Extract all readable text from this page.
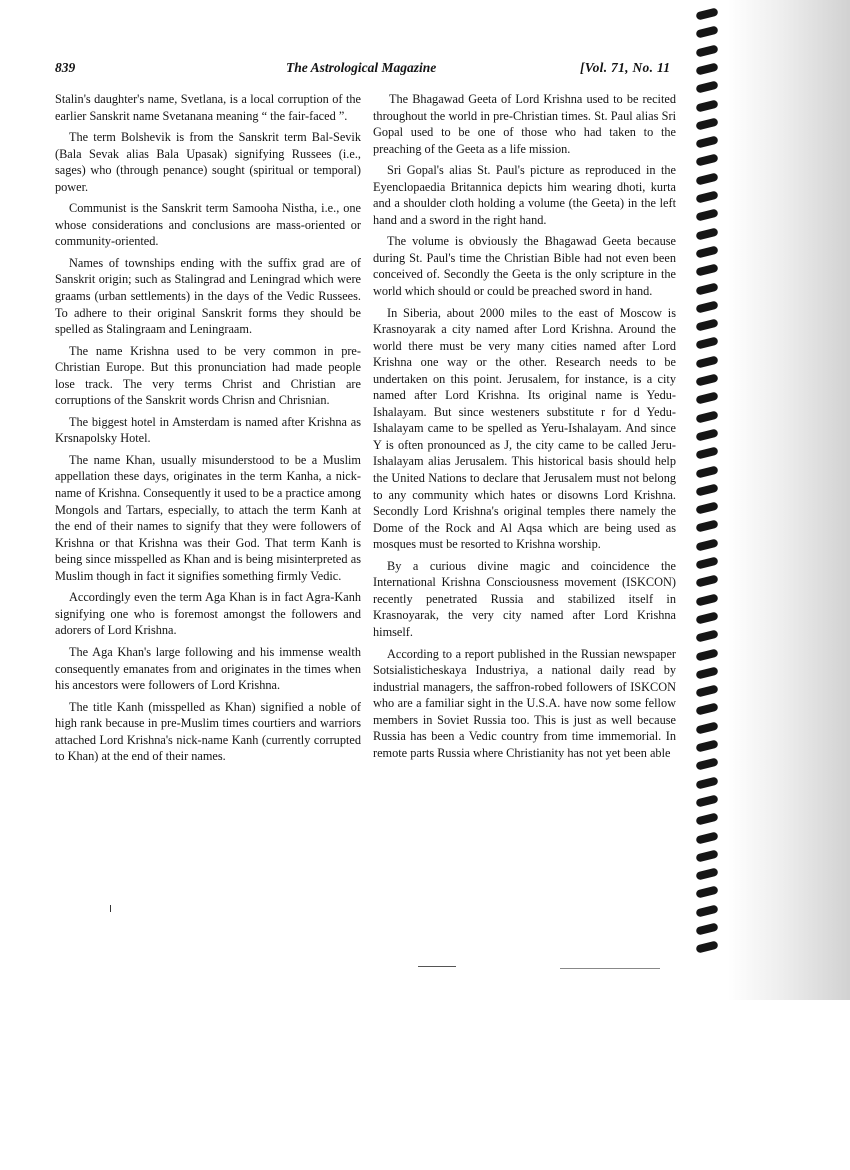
839	The Astrological Magazine	[Vol. 71, No. 11

Stalin's daughter's name, Svetlana, is a local corruption of the earlier Sanskrit name Svetanana meaning “ the fair-faced ”.

The term Bolshevik is from the Sanskrit term Bal-Sevik (Bala Sevak alias Bala Upasak) signifying Russees (i.e., sages) who (through penance) sought (spiritual or temporal) power.

Communist is the Sanskrit term Samooha Nistha, i.e., one whose considerations and conclusions are mass-oriented or community-oriented.

Names of townships ending with the suffix grad are of Sanskrit origin; such as Stalingrad and Leningrad which were graams (urban settlements) in the days of the Vedic Russees. To adhere to their original Sanskrit forms they should be spelled as Stalingraam and Leningraam.

The name Krishna used to be very common in pre-Christian Europe. But this pronunciation had made people lose track. The very terms Christ and Christian are corruptions of the Sanskrit words Chrisn and Chrisnian.

The biggest hotel in Amsterdam is named after Krishna as Krsnapolsky Hotel.

The name Khan, usually misunderstood to be a Muslim appellation these days, originates in the term Kanha, a nick-name of Krishna. Consequently it used to be a practice among Mongols and Tartars, especially, to attach the term Kanh at the end of their names to signify that they were followers of Krishna or that Krishna was their God. That term Kanh is being since misspelled as Khan and is being misinterpreted as Muslim though in fact it signifies something firmly Vedic.

Accordingly even the term Aga Khan is in fact Agra-Kanh signifying one who is foremost amongst the followers and adorers of Lord Krishna.

The Aga Khan's large following and his immense wealth consequently emanates from and originates in the times when his ancestors were followers of Lord Krishna.

The title Kanh (misspelled as Khan) signified a noble of high rank because in pre-Muslim times courtiers and warriors attached Lord Krishna's nick-name Kanh (currently corrupted to Khan) at the end of their names.

The Bhagawad Geeta of Lord Krishna used to be recited throughout the world in pre-Christian times. St. Paul alias Sri Gopal used to be one of those who had taken to the preaching of the Geeta as a life mission.

Sri Gopal's alias St. Paul's picture as reproduced in the Eyenclopaedia Britannica depicts him wearing dhoti, kurta and a shoulder cloth holding a volume (the Geeta) in the left hand and a sword in the right hand.

The volume is obviously the Bhagawad Geeta because during St. Paul's time the Christian Bible had not even been conceived of. Secondly the Geeta is the only scripture in the world which should or could be preached sword in hand.

In Siberia, about 2000 miles to the east of Moscow is Krasnoyarak a city named after Lord Krishna. Around the world there must be very many cities named after Lord Krishna one way or the other. Research needs to be undertaken on this point. Jerusalem, for instance, is a city named after Lord Krishna. Its original name is Yedu-Ishalayam. But since westeners substitute r for d Yedu-Ishalayam came to be spelled as Yeru-Ishalayam. And since Y is often pronounced as J, the city came to be called Jeru-Ishalayam alias Jerusalem. This historical basis should help the United Nations to declare that Jerusalem must not belong to any community which hates or disowns Lord Krishna. Secondly Lord Krishna's original temples there namely the Dome of the Rock and Al Aqsa which are being used as mosques must be resorted to Krishna worship.

By a curious divine magic and coincidence the International Krishna Consciousness movement (ISKCON) recently penetrated Russia and stabilized itself in Krasnoyarak, the very city named after Lord Krishna himself.

According to a report published in the Russian newspaper Sotsialisticheskaya Industriya, a national daily read by industrial managers, the saffron-robed followers of ISKCON who are a familiar sight in the U.S.A. have now some fellow members in Soviet Russia too. This is just as well because Russia has been a Vedic country from time immemorial. In remote parts Russia where Christianity has not yet been able
